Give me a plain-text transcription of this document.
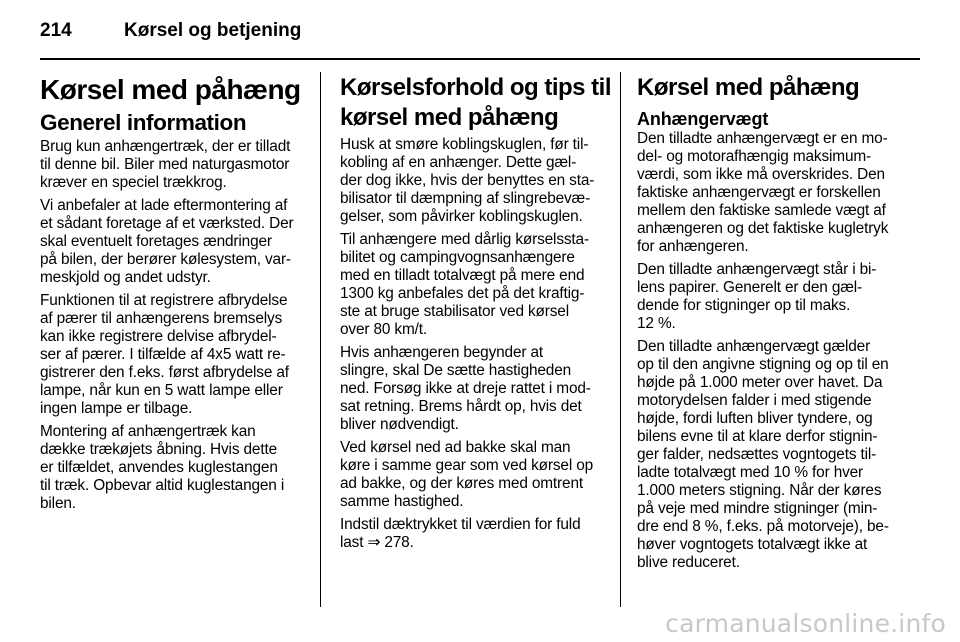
214	Kørsel og betjening
Kørsel med påhæng
Generel information

Brug kun anhængertræk, der er tilladt
til denne bil. Biler med naturgasmotor
kræver en speciel trækkrog.

Vi anbefaler at lade eftermontering af
et sådant foretage af et værksted. Der
skal eventuelt foretages ændringer
på bilen, der berører kølesystem, var-
meskjold og andet udstyr.

Funktionen til at registrere afbrydelse
af pærer til anhængerens bremselys
kan ikke registrere delvise afbrydel-
ser af pærer. I tilfælde af 4x5 watt re-
gistrerer den f.eks. først afbrydelse af
lampe, når kun en 5 watt lampe eller
ingen lampe er tilbage.

Montering af anhængertræk kan
dække trækøjets åbning. Hvis dette
er tilfældet, anvendes kuglestangen
til træk. Opbevar altid kuglestangen i
bilen.

Kørselsforhold og tips til
kørsel med påhæng

Husk at smøre koblingskuglen, før til-
kobling af en anhænger. Dette gæl-
der dog ikke, hvis der benyttes en sta-
bilisator til dæmpning af slingrebevæ-
gelser, som påvirker koblingskuglen.

Til anhængere med dårlig kørselssta-
bilitet og campingvognsanhængere
med en tilladt totalvægt på mere end
1300 kg anbefales det på det kraftig-
ste at bruge stabilisator ved kørsel
over 80 km/t.

Hvis anhængeren begynder at
slingre, skal De sætte hastigheden
ned. Forsøg ikke at dreje rattet i mod-
sat retning. Brems hårdt op, hvis det
bliver nødvendigt.

Ved kørsel ned ad bakke skal man
køre i samme gear som ved kørsel op
ad bakke, og der køres med omtrent
samme hastighed.

Indstil dæktrykket til værdien for fuld
last ⇒ 278.

Kørsel med påhæng
Anhængervægt

Den tilladte anhængervægt er en mo-
del- og motorafhængig maksimum-
værdi, som ikke må overskrides. Den
faktiske anhængervægt er forskellen
mellem den faktiske samlede vægt af
anhængeren og det faktiske kugletryk
for anhængeren.

Den tilladte anhængervægt står i bi-
lens papirer. Generelt er den gæl-
dende for stigninger op til maks.
12 %.

Den tilladte anhængervægt gælder
op til den angivne stigning og op til en
højde på 1.000 meter over havet. Da
motorydelsen falder i med stigende
højde, fordi luften bliver tyndere, og
bilens evne til at klare derfor stignin-
ger falder, nedsættes vogntogets til-
ladte totalvægt med 10 % for hver
1.000 meters stigning. Når der køres
på veje med mindre stigninger (min-
dre end 8 %, f.eks. på motorveje), be-
høver vogntogets totalvægt ikke at
blive reduceret.

carmanualsonline.info
